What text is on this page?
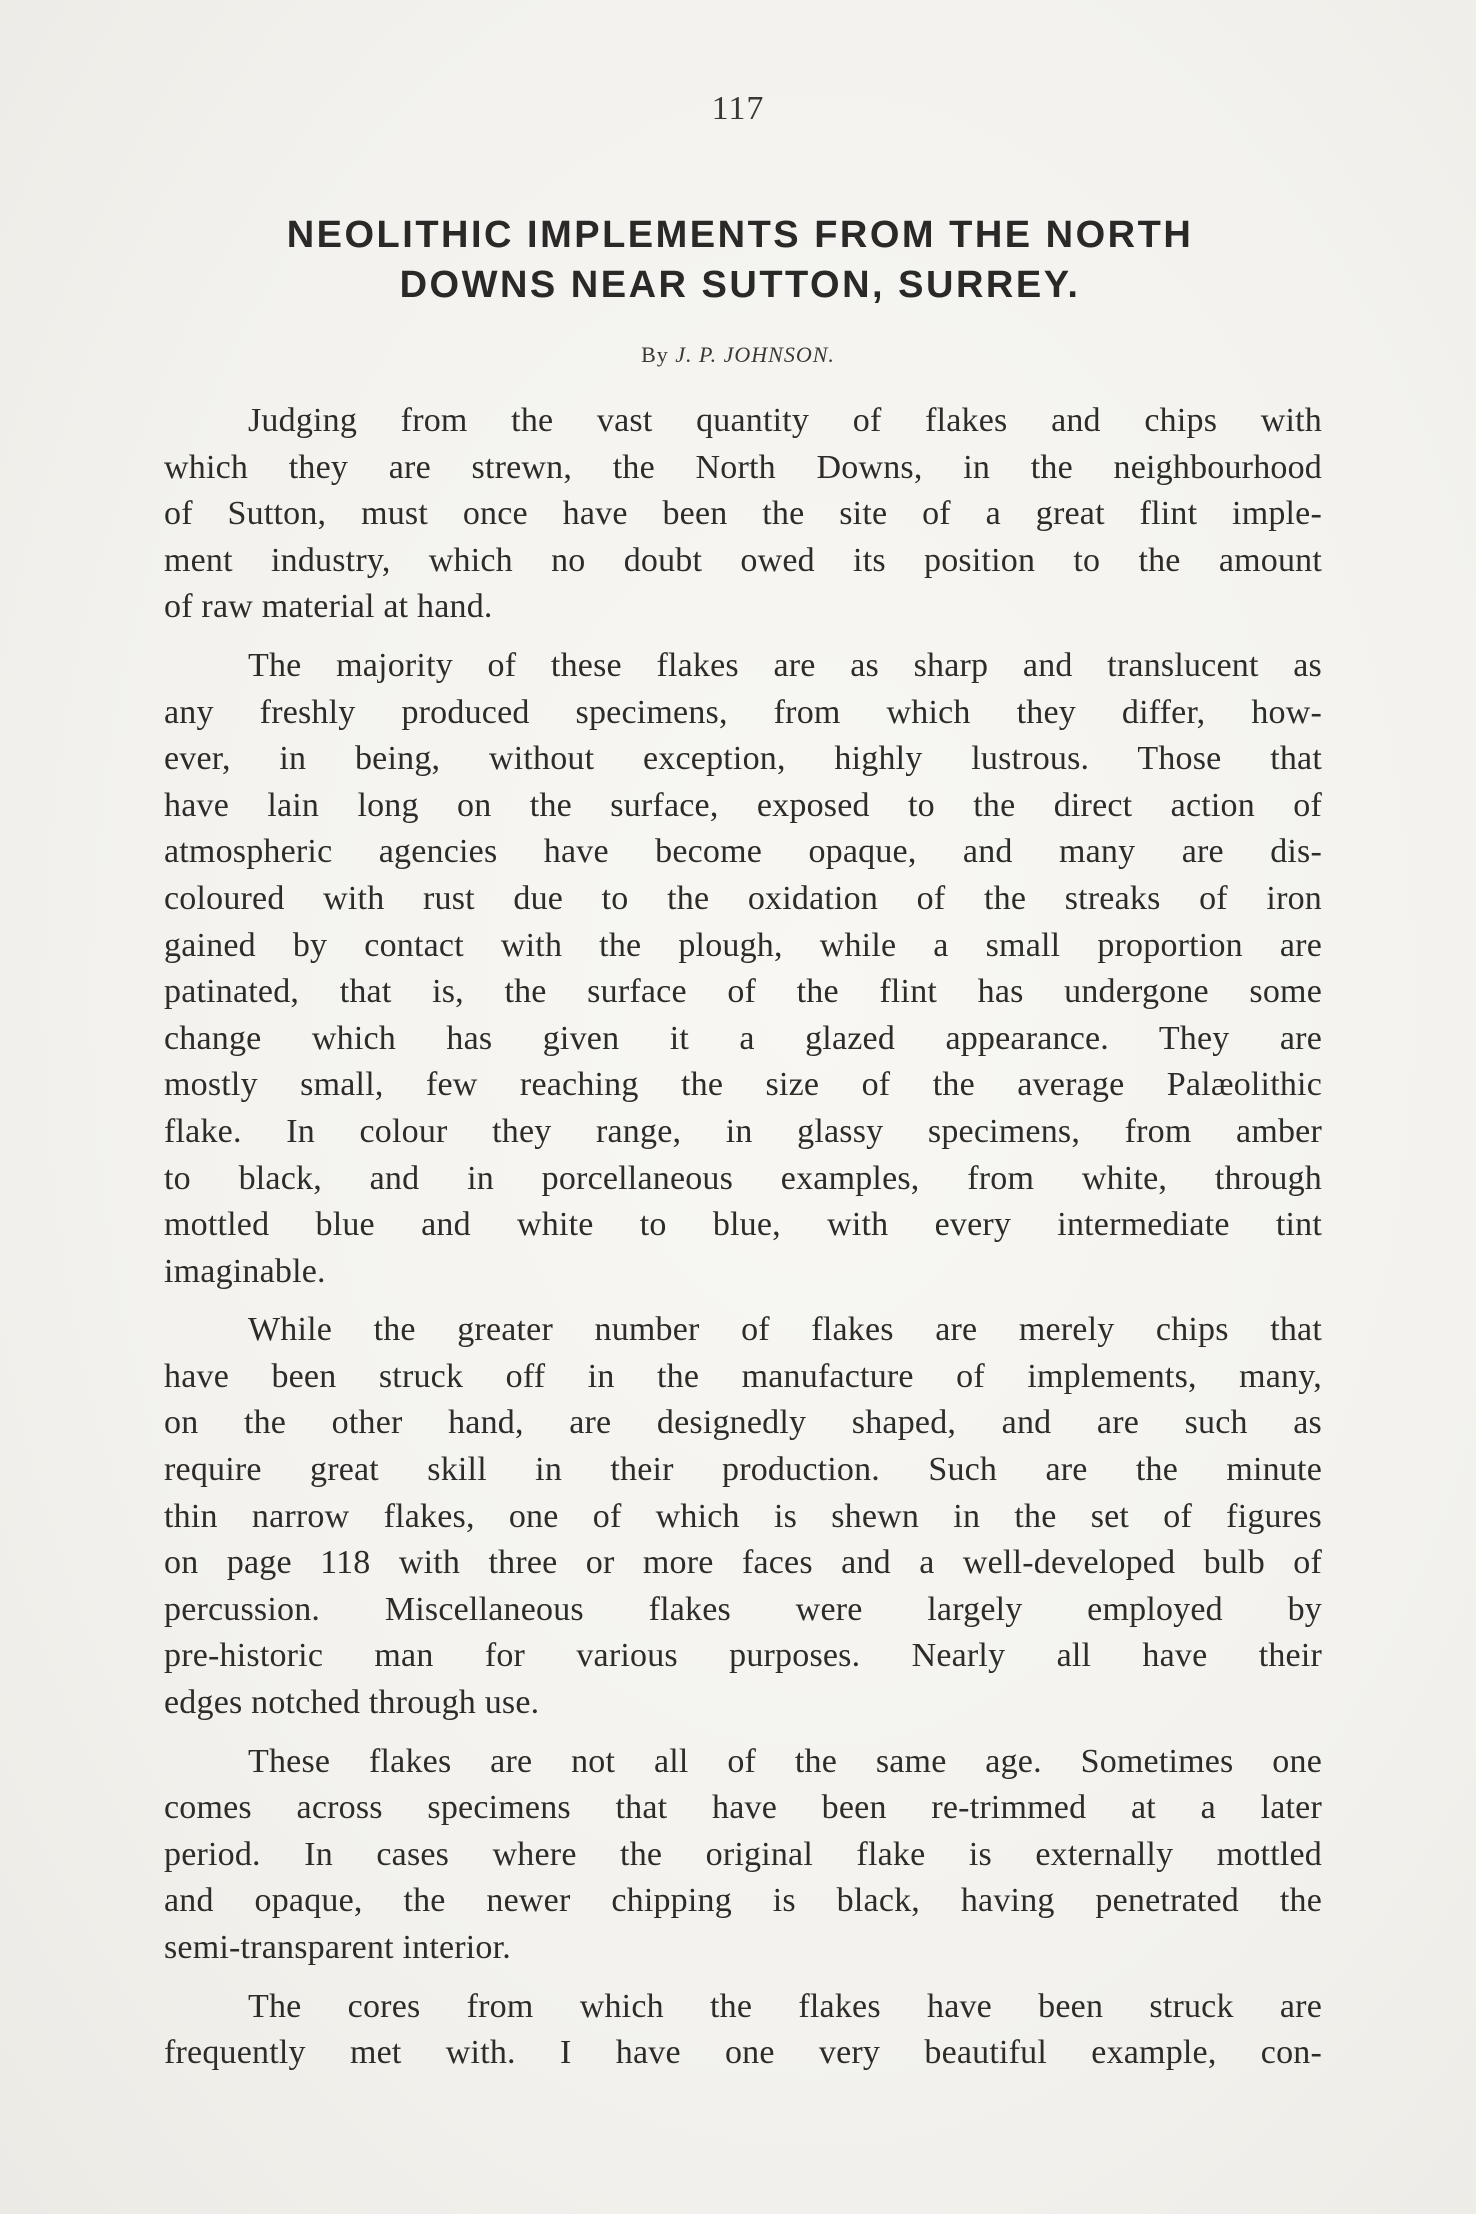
117
NEOLITHIC IMPLEMENTS FROM THE NORTH
DOWNS NEAR SUTTON, SURREY.
By J. P. JOHNSON.
Judging from the vast quantity of flakes and chips with
which they are strewn, the North Downs, in the neighbourhood
of Sutton, must once have been the site of a great flint imple-
ment industry, which no doubt owed its position to the amount
of raw material at hand.
The majority of these flakes are as sharp and translucent as
any freshly produced specimens, from which they differ, how-
ever, in being, without exception, highly lustrous. Those that
have lain long on the surface, exposed to the direct action of
atmospheric agencies have become opaque, and many are dis-
coloured with rust due to the oxidation of the streaks of iron
gained by contact with the plough, while a small proportion are
patinated, that is, the surface of the flint has undergone some
change which has given it a glazed appearance. They are
mostly small, few reaching the size of the average Palæolithic
flake. In colour they range, in glassy specimens, from amber
to black, and in porcellaneous examples, from white, through
mottled blue and white to blue, with every intermediate tint
imaginable.
While the greater number of flakes are merely chips that
have been struck off in the manufacture of implements, many,
on the other hand, are designedly shaped, and are such as
require great skill in their production. Such are the minute
thin narrow flakes, one of which is shewn in the set of figures
on page 118 with three or more faces and a well-developed bulb of
percussion. Miscellaneous flakes were largely employed by
pre-historic man for various purposes. Nearly all have their
edges notched through use.
These flakes are not all of the same age. Sometimes one
comes across specimens that have been re-trimmed at a later
period. In cases where the original flake is externally mottled
and opaque, the newer chipping is black, having penetrated the
semi-transparent interior.
The cores from which the flakes have been struck are
frequently met with. I have one very beautiful example, con-
